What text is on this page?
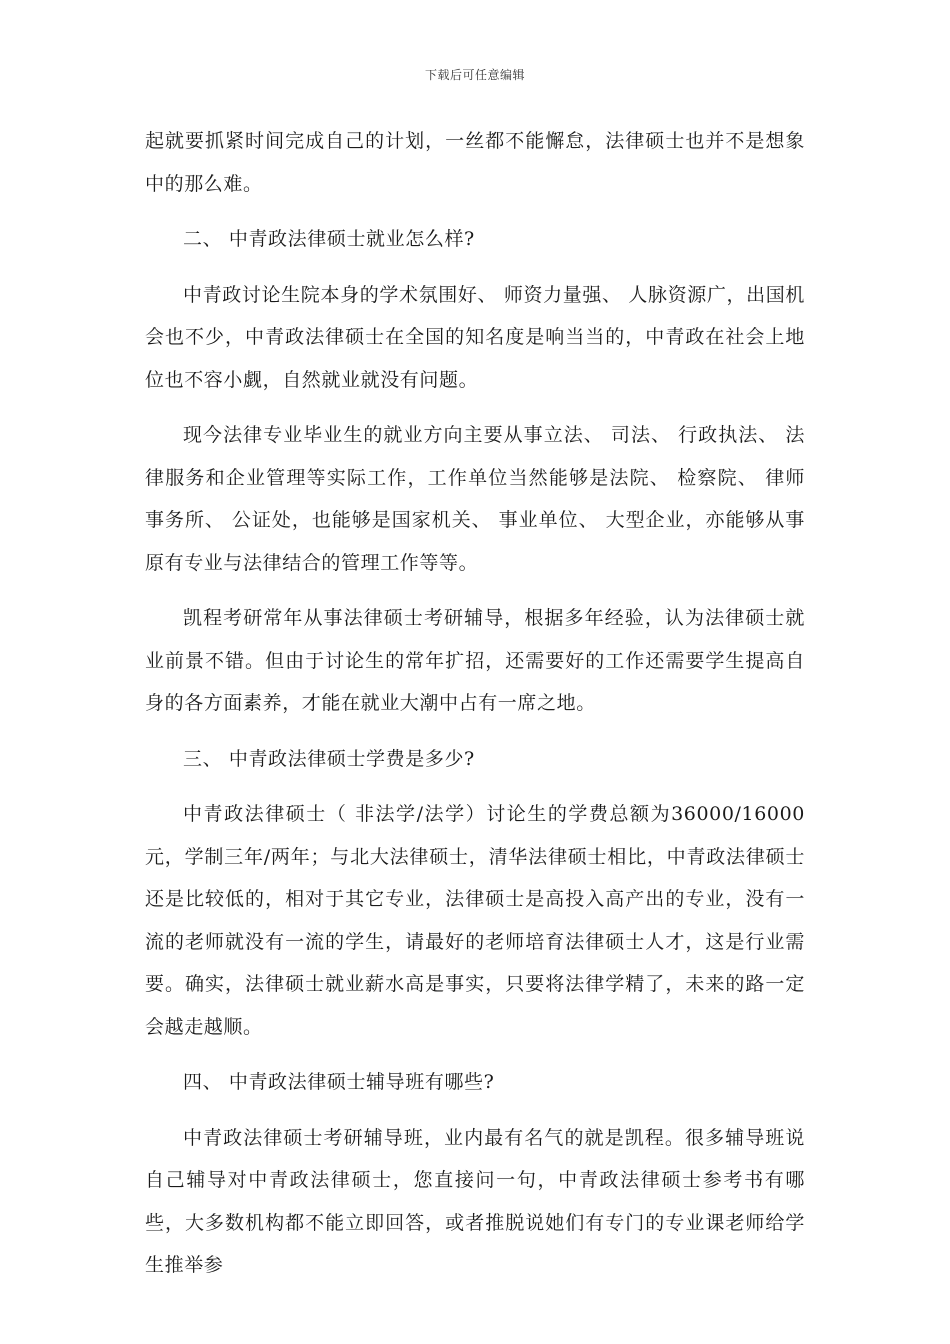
下载后可任意编辑

起就要抓紧时间完成自己的计划，一丝都不能懈怠，法律硕士也并不是想象中的那么难。

二、 中青政法律硕士就业怎么样?

中青政讨论生院本身的学术氛围好、 师资力量强、 人脉资源广，出国机会也不少，中青政法律硕士在全国的知名度是响当当的，中青政在社会上地位也不容小觑，自然就业就没有问题。

现今法律专业毕业生的就业方向主要从事立法、 司法、 行政执法、 法律服务和企业管理等实际工作，工作单位当然能够是法院、 检察院、 律师事务所、 公证处，也能够是国家机关、 事业单位、 大型企业，亦能够从事原有专业与法律结合的管理工作等等。

凯程考研常年从事法律硕士考研辅导，根据多年经验，认为法律硕士就业前景不错。但由于讨论生的常年扩招，还需要好的工作还需要学生提高自身的各方面素养，才能在就业大潮中占有一席之地。

三、 中青政法律硕士学费是多少?

中青政法律硕士（ 非法学/法学）讨论生的学费总额为36000/16000元，学制三年/两年；与北大法律硕士，清华法律硕士相比，中青政法律硕士还是比较低的，相对于其它专业，法律硕士是高投入高产出的专业，没有一流的老师就没有一流的学生，请最好的老师培育法律硕士人才，这是行业需要。确实，法律硕士就业薪水高是事实，只要将法律学精了，未来的路一定会越走越顺。

四、 中青政法律硕士辅导班有哪些?

中青政法律硕士考研辅导班，业内最有名气的就是凯程。很多辅导班说自己辅导对中青政法律硕士，您直接问一句，中青政法律硕士参考书有哪些，大多数机构都不能立即回答，或者推脱说她们有专门的专业课老师给学生推举参
